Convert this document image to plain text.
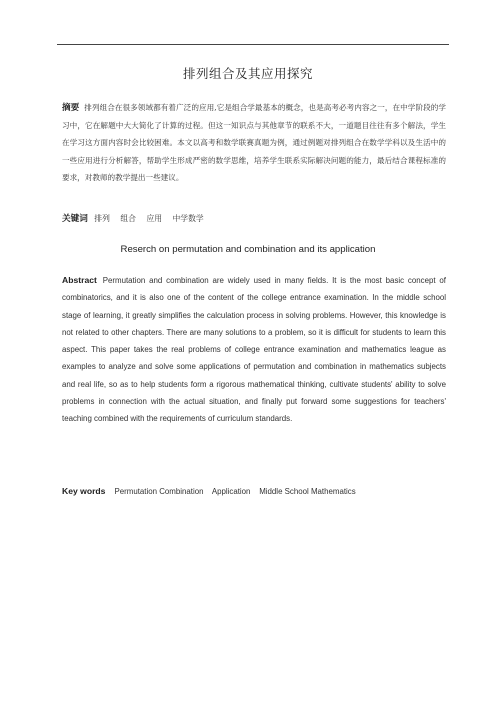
排列组合及其应用探究
摘要 排列组合在很多领域都有着广泛的应用,它是组合学最基本的概念，也是高考必考内容之一，在中学阶段的学习中，它在解题中大大简化了计算的过程。但这一知识点与其他章节的联系不大，一道题目往往有多个解法，学生在学习这方面内容时会比较困难。本文以高考和数学联赛真题为例，通过例题对排列组合在数学学科以及生活中的一些应用进行分析解答，帮助学生形成严密的数学思维，培养学生联系实际解决问题的能力，最后结合课程标准的要求，对教师的教学提出一些建议。
关键词 排列 组合 应用 中学数学
Reserch on permutation and combination and its application
Abstract Permutation and combination are widely used in many fields. It is the most basic concept of combinatorics, and it is also one of the content of the college entrance examination. In the middle school stage of learning, it greatly simplifies the calculation process in solving problems. However, this knowledge is not related to other chapters. There are many solutions to a problem, so it is difficult for students to learn this aspect. This paper takes the real problems of college entrance examination and mathematics league as examples to analyze and solve some applications of permutation and combination in mathematics subjects and real life, so as to help students form a rigorous mathematical thinking, cultivate students' ability to solve problems in connection with the actual situation, and finally put forward some suggestions for teachers' teaching combined with the requirements of curriculum standards.
Key words Permutation Combination    Application    Middle School Mathematics
